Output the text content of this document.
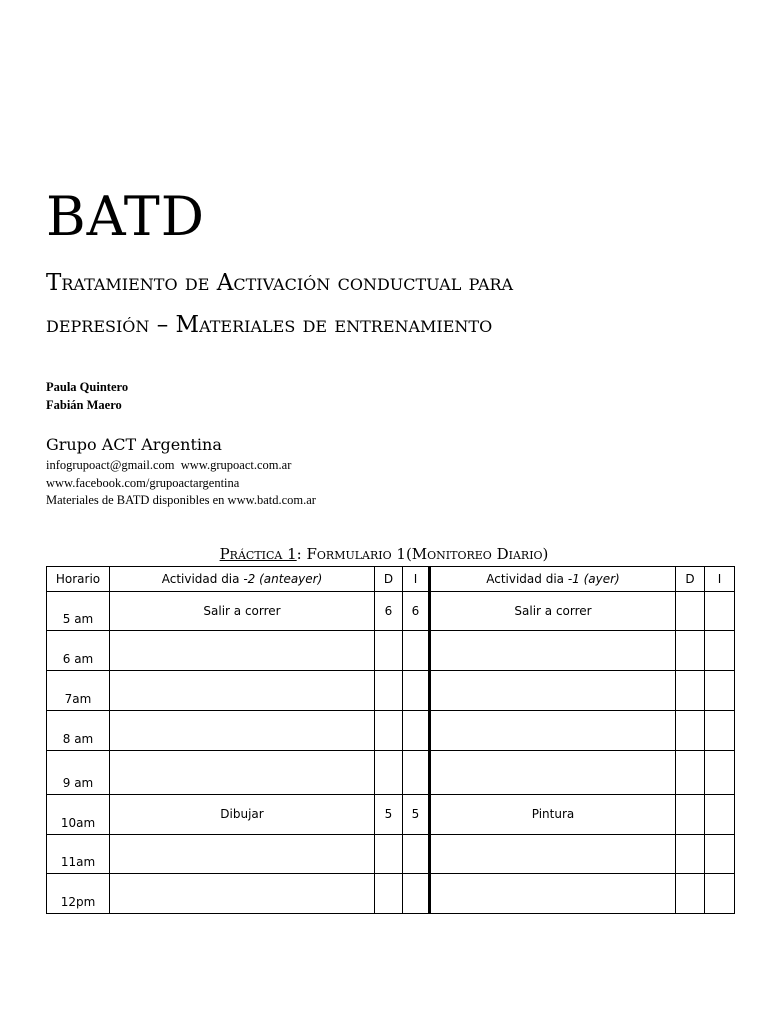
BATD
Tratamiento de Activación conductual para
depresión – Materiales de entrenamiento
Paula Quintero
Fabián Maero
Grupo ACT Argentina
infogrupoact@gmail.com www.grupoact.com.ar
www.facebook.com/grupoactargentina
Materiales de BATD disponibles en www.batd.com.ar
Práctica 1: Formulario 1(Monitoreo Diario)
Horario	Actividad dia -2 (anteayer)	D	I	Actividad dia -1 (ayer)	D	I
5 am	Salir a correr	6	6	Salir a correr		
6 am						
7am						
8 am						
9 am						
10am	Dibujar	5	5	Pintura		
11am						
12pm						
